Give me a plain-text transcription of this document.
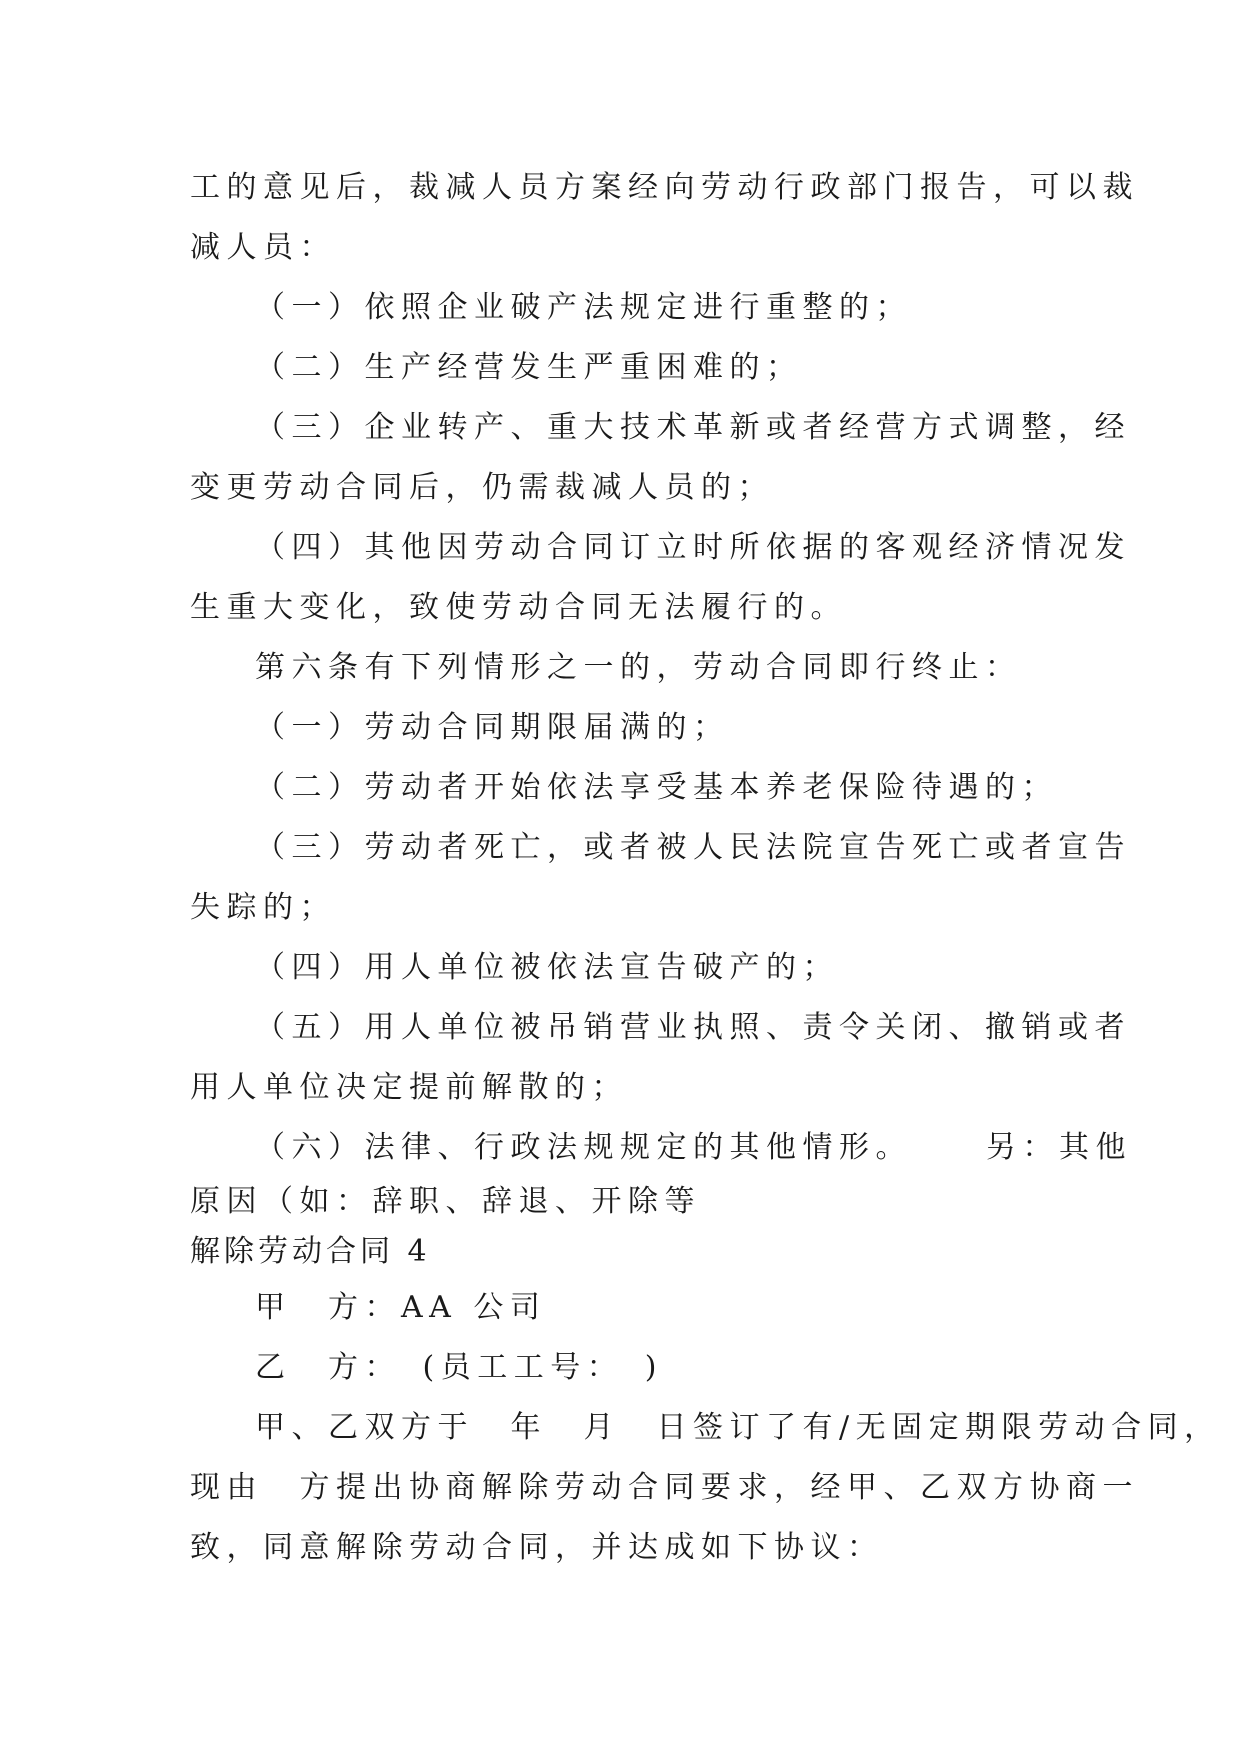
工的意见后，裁减人员方案经向劳动行政部门报告，可以裁
减人员：
（一）依照企业破产法规定进行重整的；
（二）生产经营发生严重困难的；
（三）企业转产、重大技术革新或者经营方式调整，经
变更劳动合同后，仍需裁减人员的；
（四）其他因劳动合同订立时所依据的客观经济情况发
生重大变化，致使劳动合同无法履行的。
第六条有下列情形之一的，劳动合同即行终止：
（一）劳动合同期限届满的；
（二）劳动者开始依法享受基本养老保险待遇的；
（三）劳动者死亡，或者被人民法院宣告死亡或者宣告
失踪的；
（四）用人单位被依法宣告破产的；
（五）用人单位被吊销营业执照、责令关闭、撤销或者
用人单位决定提前解散的；
（六）法律、行政法规规定的其他情形。　　 另：其他
原因（如：辞职、辞退、开除等
解除劳动合同 4
甲　方：AA 公司
乙　方：　(员工工号：　)
甲、乙双方于　年　月　日签订了有/无固定期限劳动合同，
现由　方提出协商解除劳动合同要求，经甲、乙双方协商一
致，同意解除劳动合同，并达成如下协议：
